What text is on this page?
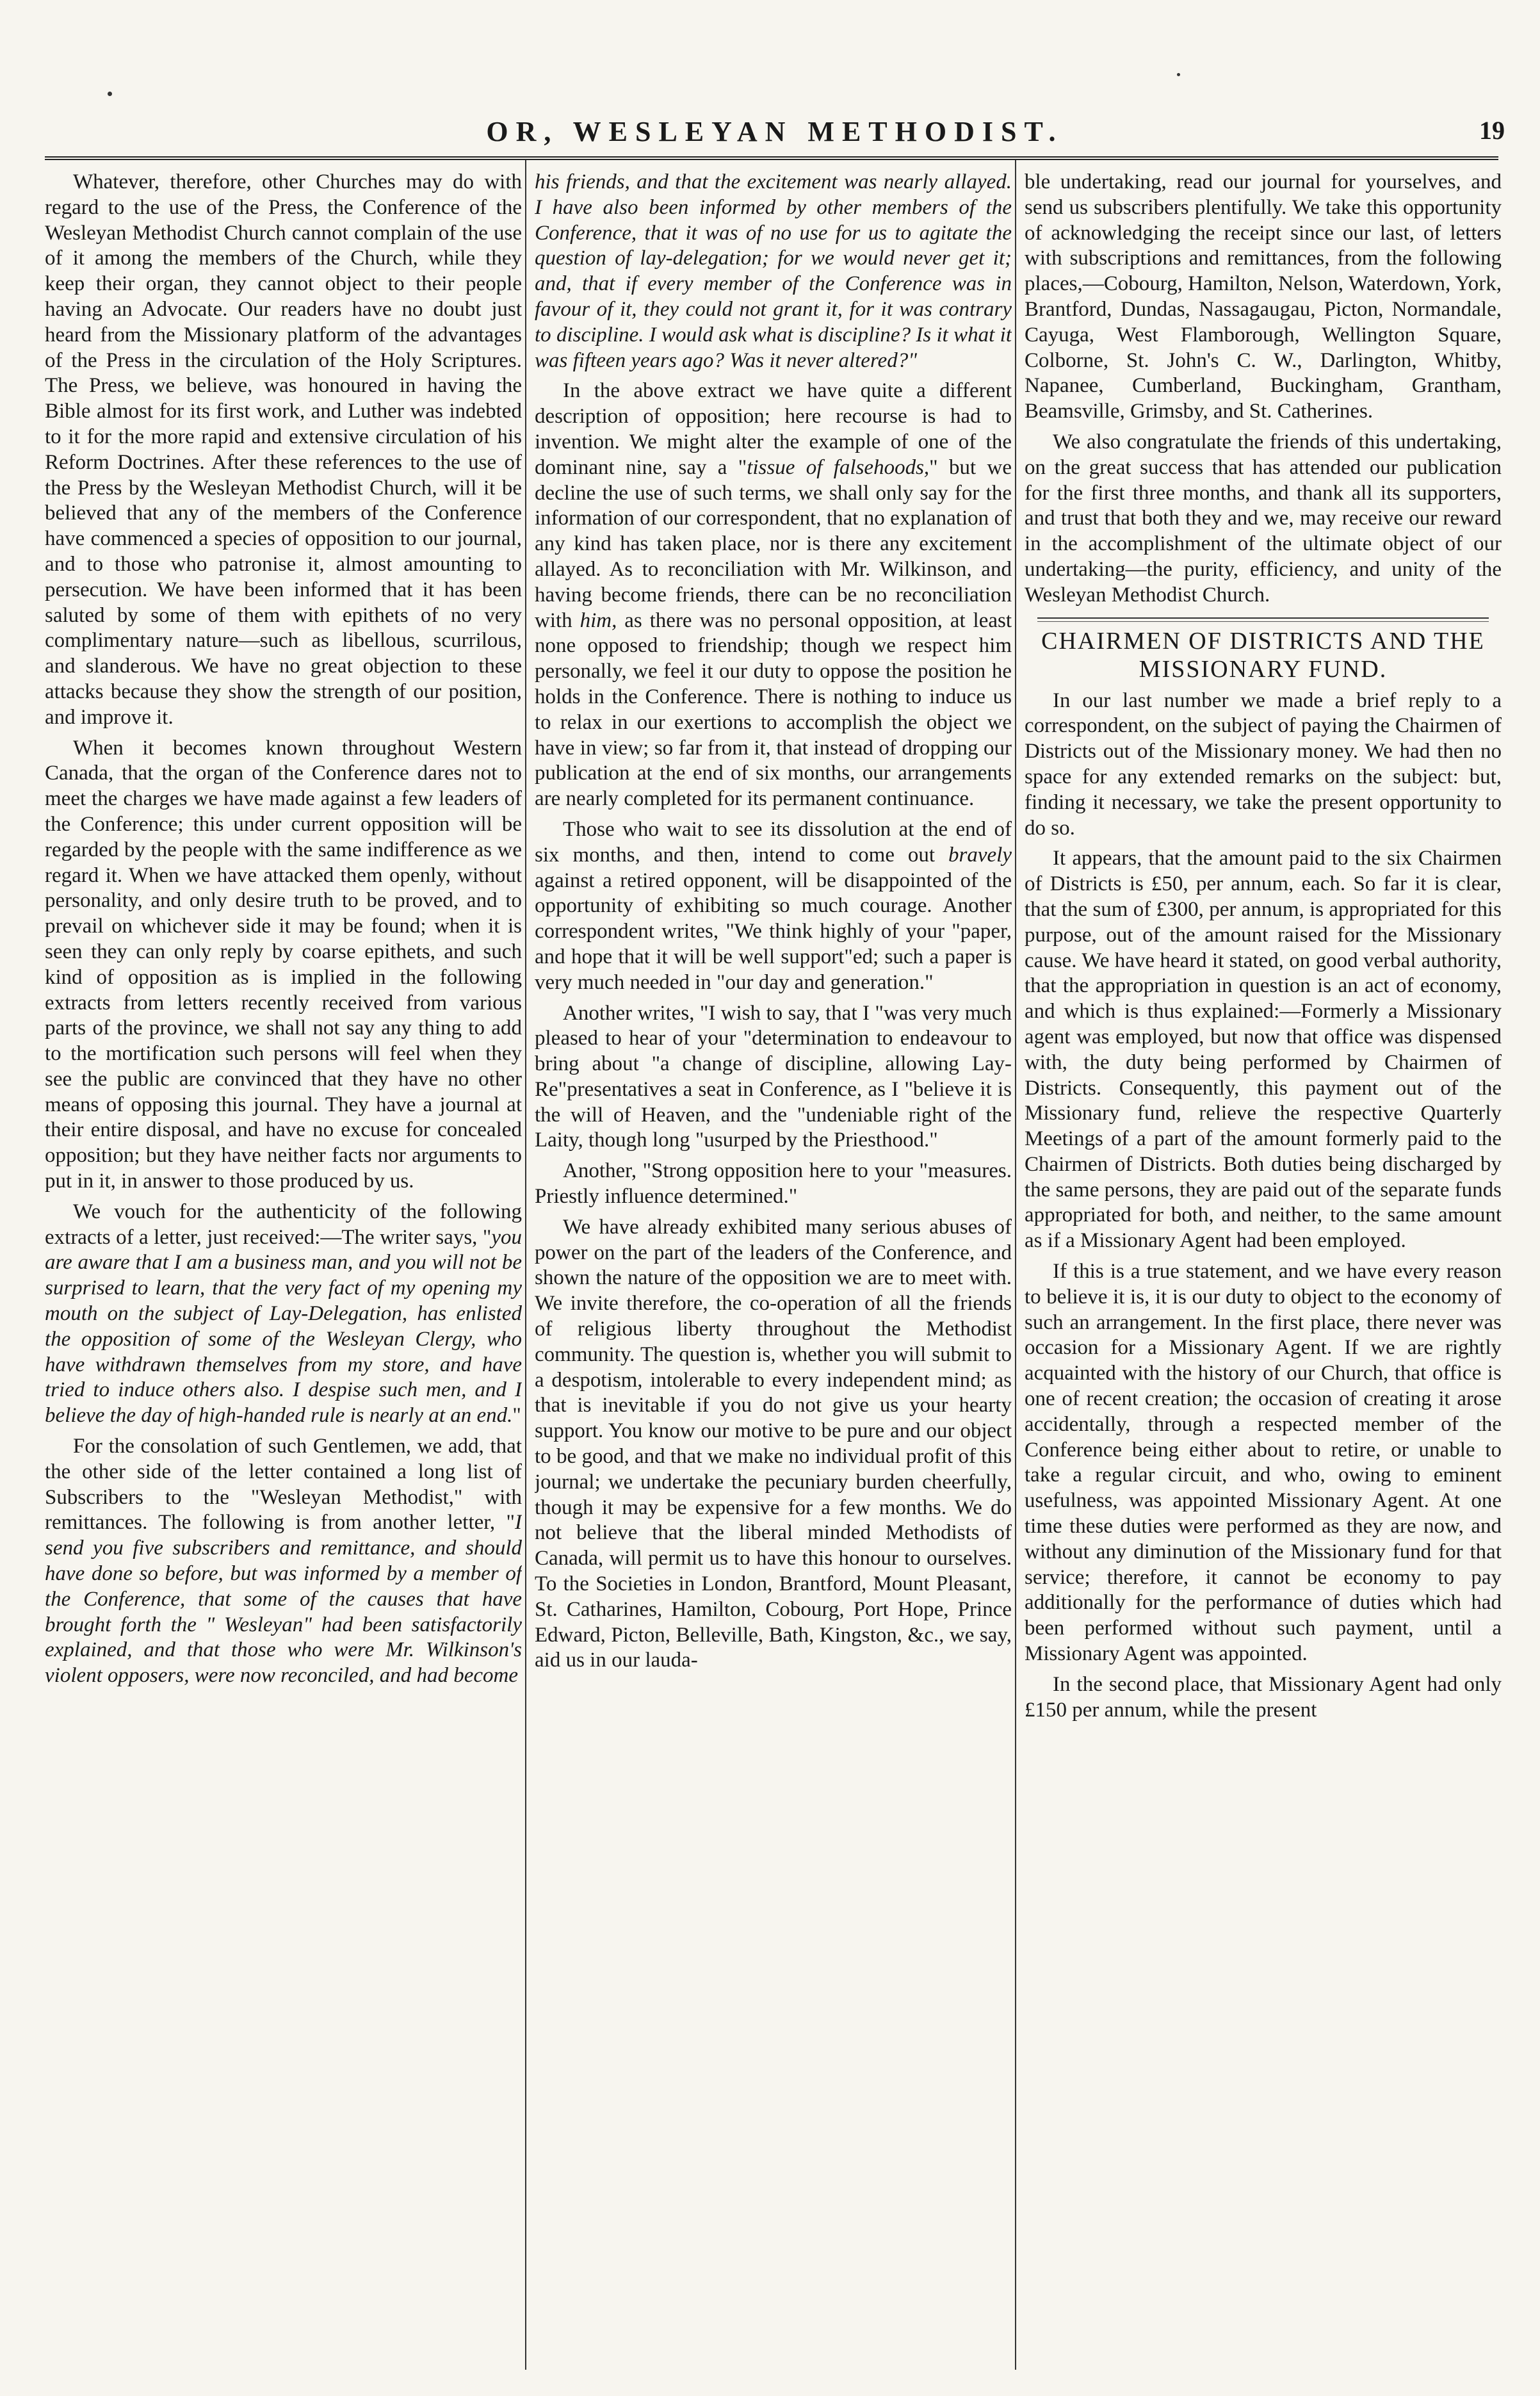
OR, WESLEYAN METHODIST.	19

Whatever, therefore, other Churches may do with regard to the use of the Press, the Conference of the Wesleyan Methodist Church cannot complain of the use of it among the members of the Church, while they keep their organ, they cannot object to their people having an Advocate. Our readers have no doubt just heard from the Missionary platform of the advantages of the Press in the circulation of the Holy Scriptures. The Press, we believe, was honoured in having the Bible almost for its first work, and Luther was indebted to it for the more rapid and extensive circulation of his Reform Doctrines. After these references to the use of the Press by the Wesleyan Methodist Church, will it be believed that any of the members of the Conference have commenced a species of opposition to our journal, and to those who patronise it, almost amounting to persecution. We have been informed that it has been saluted by some of them with epithets of no very complimentary nature—such as libellous, scurrilous, and slanderous. We have no great objection to these attacks because they show the strength of our position, and improve it.

When it becomes known throughout Western Canada, that the organ of the Conference dares not to meet the charges we have made against a few leaders of the Conference; this under current opposition will be regarded by the people with the same indifference as we regard it. When we have attacked them openly, without personality, and only desire truth to be proved, and to prevail on whichever side it may be found; when it is seen they can only reply by coarse epithets, and such kind of opposition as is implied in the following extracts from letters recently received from various parts of the province, we shall not say any thing to add to the mortification such persons will feel when they see the public are convinced that they have no other means of opposing this journal. They have a journal at their entire disposal, and have no excuse for concealed opposition; but they have neither facts nor arguments to put in it, in answer to those produced by us.

We vouch for the authenticity of the following extracts of a letter, just received:—The writer says, "you are aware that I am a business man, and you will not be surprised to learn, that the very fact of my opening my mouth on the subject of Lay-Delegation, has enlisted the opposition of some of the Wesleyan Clergy, who have withdrawn themselves from my store, and have tried to induce others also. I despise such men, and I believe the day of high-handed rule is nearly at an end."

For the consolation of such Gentlemen, we add, that the other side of the letter contained a long list of Subscribers to the "Wesleyan Methodist," with remittances. The following is from another letter, "I send you five subscribers and remittance, and should have done so before, but was informed by a member of the Conference, that some of the causes that have brought forth the " Wesleyan" had been satisfactorily explained, and that those who were Mr. Wilkinson's violent opposers, were now reconciled, and had become

his friends, and that the excitement was nearly allayed. I have also been informed by other members of the Conference, that it was of no use for us to agitate the question of lay-delegation; for we would never get it; and, that if every member of the Conference was in favour of it, they could not grant it, for it was contrary to discipline. I would ask what is discipline? Is it what it was fifteen years ago? Was it never altered?"

In the above extract we have quite a different description of opposition; here recourse is had to invention. We might alter the example of one of the dominant nine, say a "tissue of falsehoods," but we decline the use of such terms, we shall only say for the information of our correspondent, that no explanation of any kind has taken place, nor is there any excitement allayed. As to reconciliation with Mr. Wilkinson, and having become friends, there can be no reconciliation with him, as there was no personal opposition, at least none opposed to friendship; though we respect him personally, we feel it our duty to oppose the position he holds in the Conference. There is nothing to induce us to relax in our exertions to accomplish the object we have in view; so far from it, that instead of dropping our publication at the end of six months, our arrangements are nearly completed for its permanent continuance.

Those who wait to see its dissolution at the end of six months, and then, intend to come out bravely against a retired opponent, will be disappointed of the opportunity of exhibiting so much courage. Another correspondent writes, "We think highly of your "paper, and hope that it will be well support"ed; such a paper is very much needed in "our day and generation."

Another writes, "I wish to say, that I "was very much pleased to hear of your "determination to endeavour to bring about "a change of discipline, allowing Lay-Re"presentatives a seat in Conference, as I "believe it is the will of Heaven, and the "undeniable right of the Laity, though long "usurped by the Priesthood."

Another, "Strong opposition here to your "measures. Priestly influence determined."

We have already exhibited many serious abuses of power on the part of the leaders of the Conference, and shown the nature of the opposition we are to meet with. We invite therefore, the co-operation of all the friends of religious liberty throughout the Methodist community. The question is, whether you will submit to a despotism, intolerable to every independent mind; as that is inevitable if you do not give us your hearty support. You know our motive to be pure and our object to be good, and that we make no individual profit of this journal; we undertake the pecuniary burden cheerfully, though it may be expensive for a few months. We do not believe that the liberal minded Methodists of Canada, will permit us to have this honour to ourselves. To the Societies in London, Brantford, Mount Pleasant, St. Catharines, Hamilton, Cobourg, Port Hope, Prince Edward, Picton, Belleville, Bath, Kingston, &c., we say, aid us in our lauda-

ble undertaking, read our journal for yourselves, and send us subscribers plentifully. We take this opportunity of acknowledging the receipt since our last, of letters with subscriptions and remittances, from the following places,—Cobourg, Hamilton, Nelson, Waterdown, York, Brantford, Dundas, Nassagaugau, Picton, Normandale, Cayuga, West Flamborough, Wellington Square, Colborne, St. John's C. W., Darlington, Whitby, Napanee, Cumberland, Buckingham, Grantham, Beamsville, Grimsby, and St. Catherines.

We also congratulate the friends of this undertaking, on the great success that has attended our publication for the first three months, and thank all its supporters, and trust that both they and we, may receive our reward in the accomplishment of the ultimate object of our undertaking—the purity, efficiency, and unity of the Wesleyan Methodist Church.

CHAIRMEN OF DISTRICTS AND THE MISSIONARY FUND.

In our last number we made a brief reply to a correspondent, on the subject of paying the Chairmen of Districts out of the Missionary money. We had then no space for any extended remarks on the subject: but, finding it necessary, we take the present opportunity to do so.

It appears, that the amount paid to the six Chairmen of Districts is £50, per annum, each. So far it is clear, that the sum of £300, per annum, is appropriated for this purpose, out of the amount raised for the Missionary cause. We have heard it stated, on good verbal authority, that the appropriation in question is an act of economy, and which is thus explained:—Formerly a Missionary agent was employed, but now that office was dispensed with, the duty being performed by Chairmen of Districts. Consequently, this payment out of the Missionary fund, relieve the respective Quarterly Meetings of a part of the amount formerly paid to the Chairmen of Districts. Both duties being discharged by the same persons, they are paid out of the separate funds appropriated for both, and neither, to the same amount as if a Missionary Agent had been employed.

If this is a true statement, and we have every reason to believe it is, it is our duty to object to the economy of such an arrangement. In the first place, there never was occasion for a Missionary Agent. If we are rightly acquainted with the history of our Church, that office is one of recent creation; the occasion of creating it arose accidentally, through a respected member of the Conference being either about to retire, or unable to take a regular circuit, and who, owing to eminent usefulness, was appointed Missionary Agent. At one time these duties were performed as they are now, and without any diminution of the Missionary fund for that service; therefore, it cannot be economy to pay additionally for the performance of duties which had been performed without such payment, until a Missionary Agent was appointed.

In the second place, that Missionary Agent had only £150 per annum, while the present
